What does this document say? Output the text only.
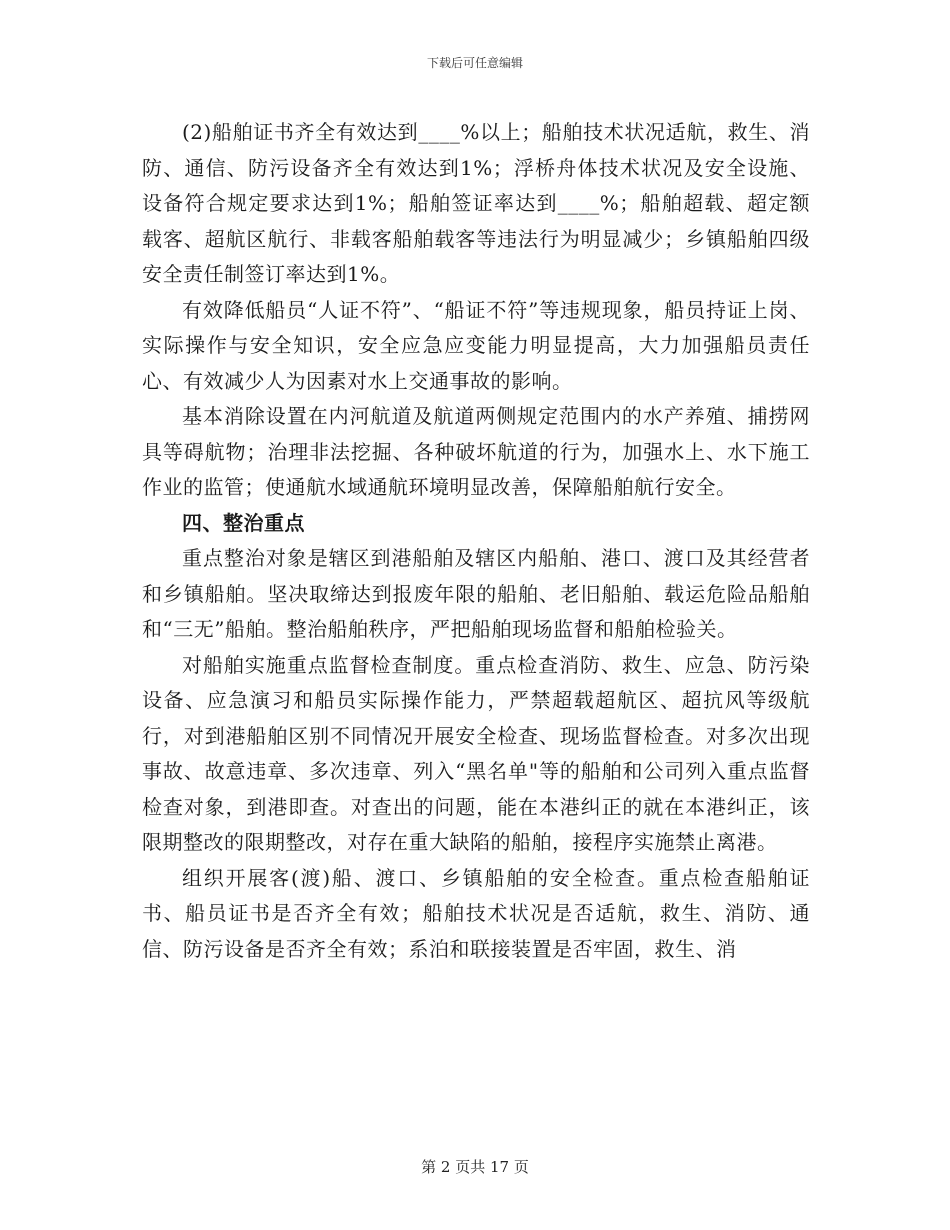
下载后可任意编辑

(2)船舶证书齐全有效达到____%以上；船舶技术状况适航，救生、消防、通信、防污设备齐全有效达到1%；浮桥舟体技术状况及安全设施、设备符合规定要求达到1%；船舶签证率达到____%；船舶超载、超定额载客、超航区航行、非载客船舶载客等违法行为明显减少；乡镇船舶四级安全责任制签订率达到1%。

有效降低船员“人证不符”、“船证不符”等违规现象，船员持证上岗、实际操作与安全知识，安全应急应变能力明显提高，大力加强船员责任心、有效减少人为因素对水上交通事故的影响。

基本消除设置在内河航道及航道两侧规定范围内的水产养殖、捕捞网具等碍航物；治理非法挖掘、各种破坏航道的行为，加强水上、水下施工作业的监管；使通航水域通航环境明显改善，保障船舶航行安全。

四、整治重点

重点整治对象是辖区到港船舶及辖区内船舶、港口、渡口及其经营者和乡镇船舶。坚决取缔达到报废年限的船舶、老旧船舶、载运危险品船舶和“三无”船舶。整治船舶秩序，严把船舶现场监督和船舶检验关。

对船舶实施重点监督检查制度。重点检查消防、救生、应急、防污染设备、应急演习和船员实际操作能力，严禁超载超航区、超抗风等级航行，对到港船舶区别不同情况开展安全检查、现场监督检查。对多次出现事故、故意违章、多次违章、列入“黑名单"等的船舶和公司列入重点监督检查对象，到港即查。对查出的问题，能在本港纠正的就在本港纠正，该限期整改的限期整改，对存在重大缺陷的船舶，接程序实施禁止离港。

组织开展客(渡)船、渡口、乡镇船舶的安全检查。重点检查船舶证书、船员证书是否齐全有效；船舶技术状况是否适航，救生、消防、通信、防污设备是否齐全有效；系泊和联接装置是否牢固，救生、消

第 2 页共 17 页
